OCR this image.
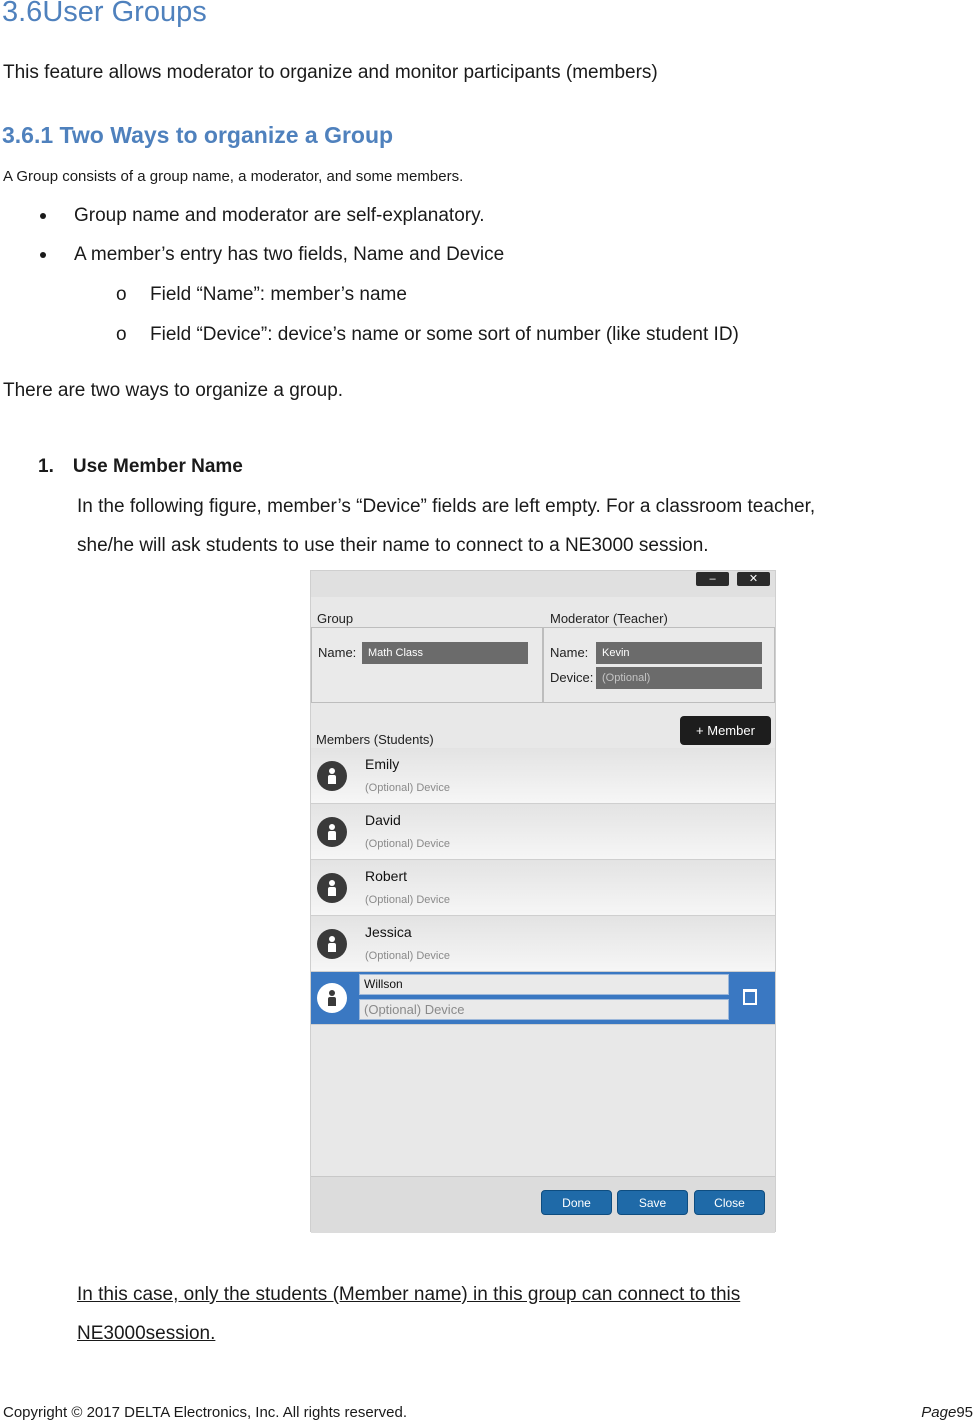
3.6User Groups

This feature allows moderator to organize and monitor participants (members)

3.6.1 Two Ways to organize a Group
A Group consists of a group name, a moderator, and some members.
Group name and moderator are self-explanatory.
A member’s entry has two fields, Name and Device
o Field “Name”: member’s name
o Field “Device”: device’s name or some sort of number (like student ID)

There are two ways to organize a group.

1. Use Member Name
In the following figure, member’s “Device” fields are left empty. For a classroom teacher,
she/he will ask students to use their name to connect to a NE3000 session.
–	✕
Group	Moderator (Teacher)
Name:	Math Class	Name:	Kevin
Device: (Optional)
+ Member
Members (Students)
Emily
(Optional) Device
David
(Optional) Device
Robert
(Optional) Device
Jessica
(Optional) Device
Willson
(Optional) Device
Done	Save	Close
In this case, only the students (Member name) in this group can connect to this
NE3000session.
Copyright © 2017 DELTA Electronics, Inc. All rights reserved.	Page95
